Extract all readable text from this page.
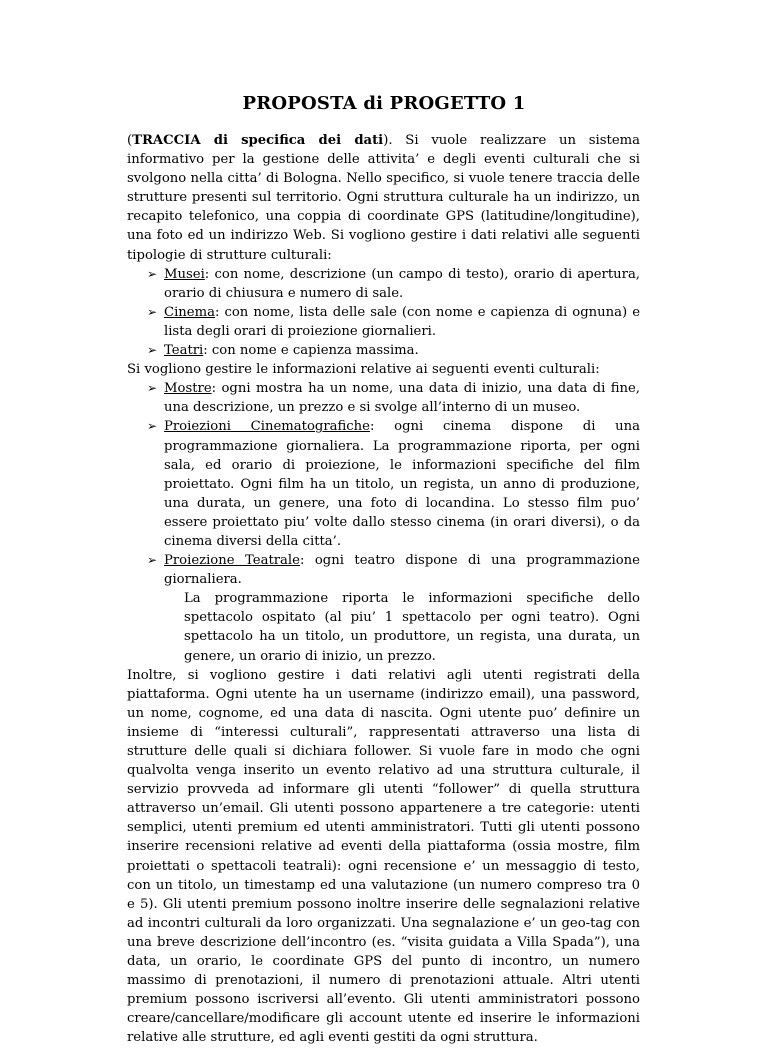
PROPOSTA di PROGETTO 1

(TRACCIA di specifica dei dati). Si vuole realizzare un sistema informativo per la gestione delle attivita’ e degli eventi culturali che si svolgono nella citta’ di Bologna. Nello specifico, si vuole tenere traccia delle strutture presenti sul territorio. Ogni struttura culturale ha un indirizzo, un recapito telefonico, una coppia di coordinate GPS (latitudine/longitudine), una foto ed un indirizzo Web. Si vogliono gestire i dati relativi alle seguenti tipologie di strutture culturali:

➢ Musei: con nome, descrizione (un campo di testo), orario di apertura, orario di chiusura e numero di sale.

➢ Cinema: con nome, lista delle sale (con nome e capienza di ognuna) e lista degli orari di proiezione giornalieri.

➢ Teatri: con nome e capienza massima.

Si vogliono gestire le informazioni relative ai seguenti eventi culturali:

➢ Mostre: ogni mostra ha un nome, una data di inizio, una data di fine, una descrizione, un prezzo e si svolge all’interno di un museo.

➢ Proiezioni Cinematografiche: ogni cinema dispone di una programmazione giornaliera. La programmazione riporta, per ogni sala, ed orario di proiezione, le informazioni specifiche del film proiettato. Ogni film ha un titolo, un regista, un anno di produzione, una durata, un genere, una foto di locandina. Lo stesso film puo’ essere proiettato piu’ volte dallo stesso cinema (in orari diversi), o da cinema diversi della citta’.

➢ Proiezione Teatrale: ogni teatro dispone di una programmazione giornaliera.

La programmazione riporta le informazioni specifiche dello spettacolo ospitato (al piu’ 1 spettacolo per ogni teatro). Ogni spettacolo ha un titolo, un produttore, un regista, una durata, un genere, un orario di inizio, un prezzo.

Inoltre, si vogliono gestire i dati relativi agli utenti registrati della piattaforma. Ogni utente ha un username (indirizzo email), una password, un nome, cognome, ed una data di nascita. Ogni utente puo’ definire un insieme di “interessi culturali”, rappresentati attraverso una lista di strutture delle quali si dichiara follower. Si vuole fare in modo che ogni qualvolta venga inserito un evento relativo ad una struttura culturale, il servizio provveda ad informare gli utenti “follower” di quella struttura attraverso un’email. Gli utenti possono appartenere a tre categorie: utenti semplici, utenti premium ed utenti amministratori. Tutti gli utenti possono inserire recensioni relative ad eventi della piattaforma (ossia mostre, film proiettati o spettacoli teatrali): ogni recensione e’ un messaggio di testo, con un titolo, un timestamp ed una valutazione (un numero compreso tra 0 e 5). Gli utenti premium possono inoltre inserire delle segnalazioni relative ad incontri culturali da loro organizzati. Una segnalazione e’ un geo-tag con una breve descrizione dell’incontro (es. “visita guidata a Villa Spada”), una data, un orario, le coordinate GPS del punto di incontro, un numero massimo di prenotazioni, il numero di prenotazioni attuale. Altri utenti premium possono iscriversi all’evento. Gli utenti amministratori possono creare/cancellare/modificare gli account utente ed inserire le informazioni relative alle strutture, ed agli eventi gestiti da ogni struttura.
